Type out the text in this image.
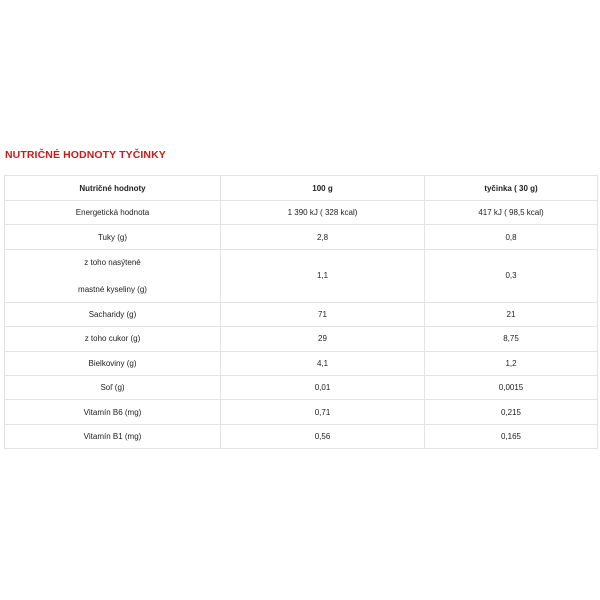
NUTRIČNÉ HODNOTY TYČINKY
Nutričné hodnoty	100 g	tyčinka ( 30 g)
Energetická hodnota	1 390 kJ ( 328 kcal)	417 kJ ( 98,5 kcal)
Tuky (g)	2,8	0,8

z toho nasýtené
mastné kyseliny (g)	1,1	0,3
Sacharidy (g)	71	21
z toho cukor (g)	29	8,75
Bielkoviny (g)	4,1	1,2
Soľ (g)	0,01	0,0015
Vitamín B6 (mg)	0,71	0,215
Vitamín B1 (mg)	0,56	0,165
